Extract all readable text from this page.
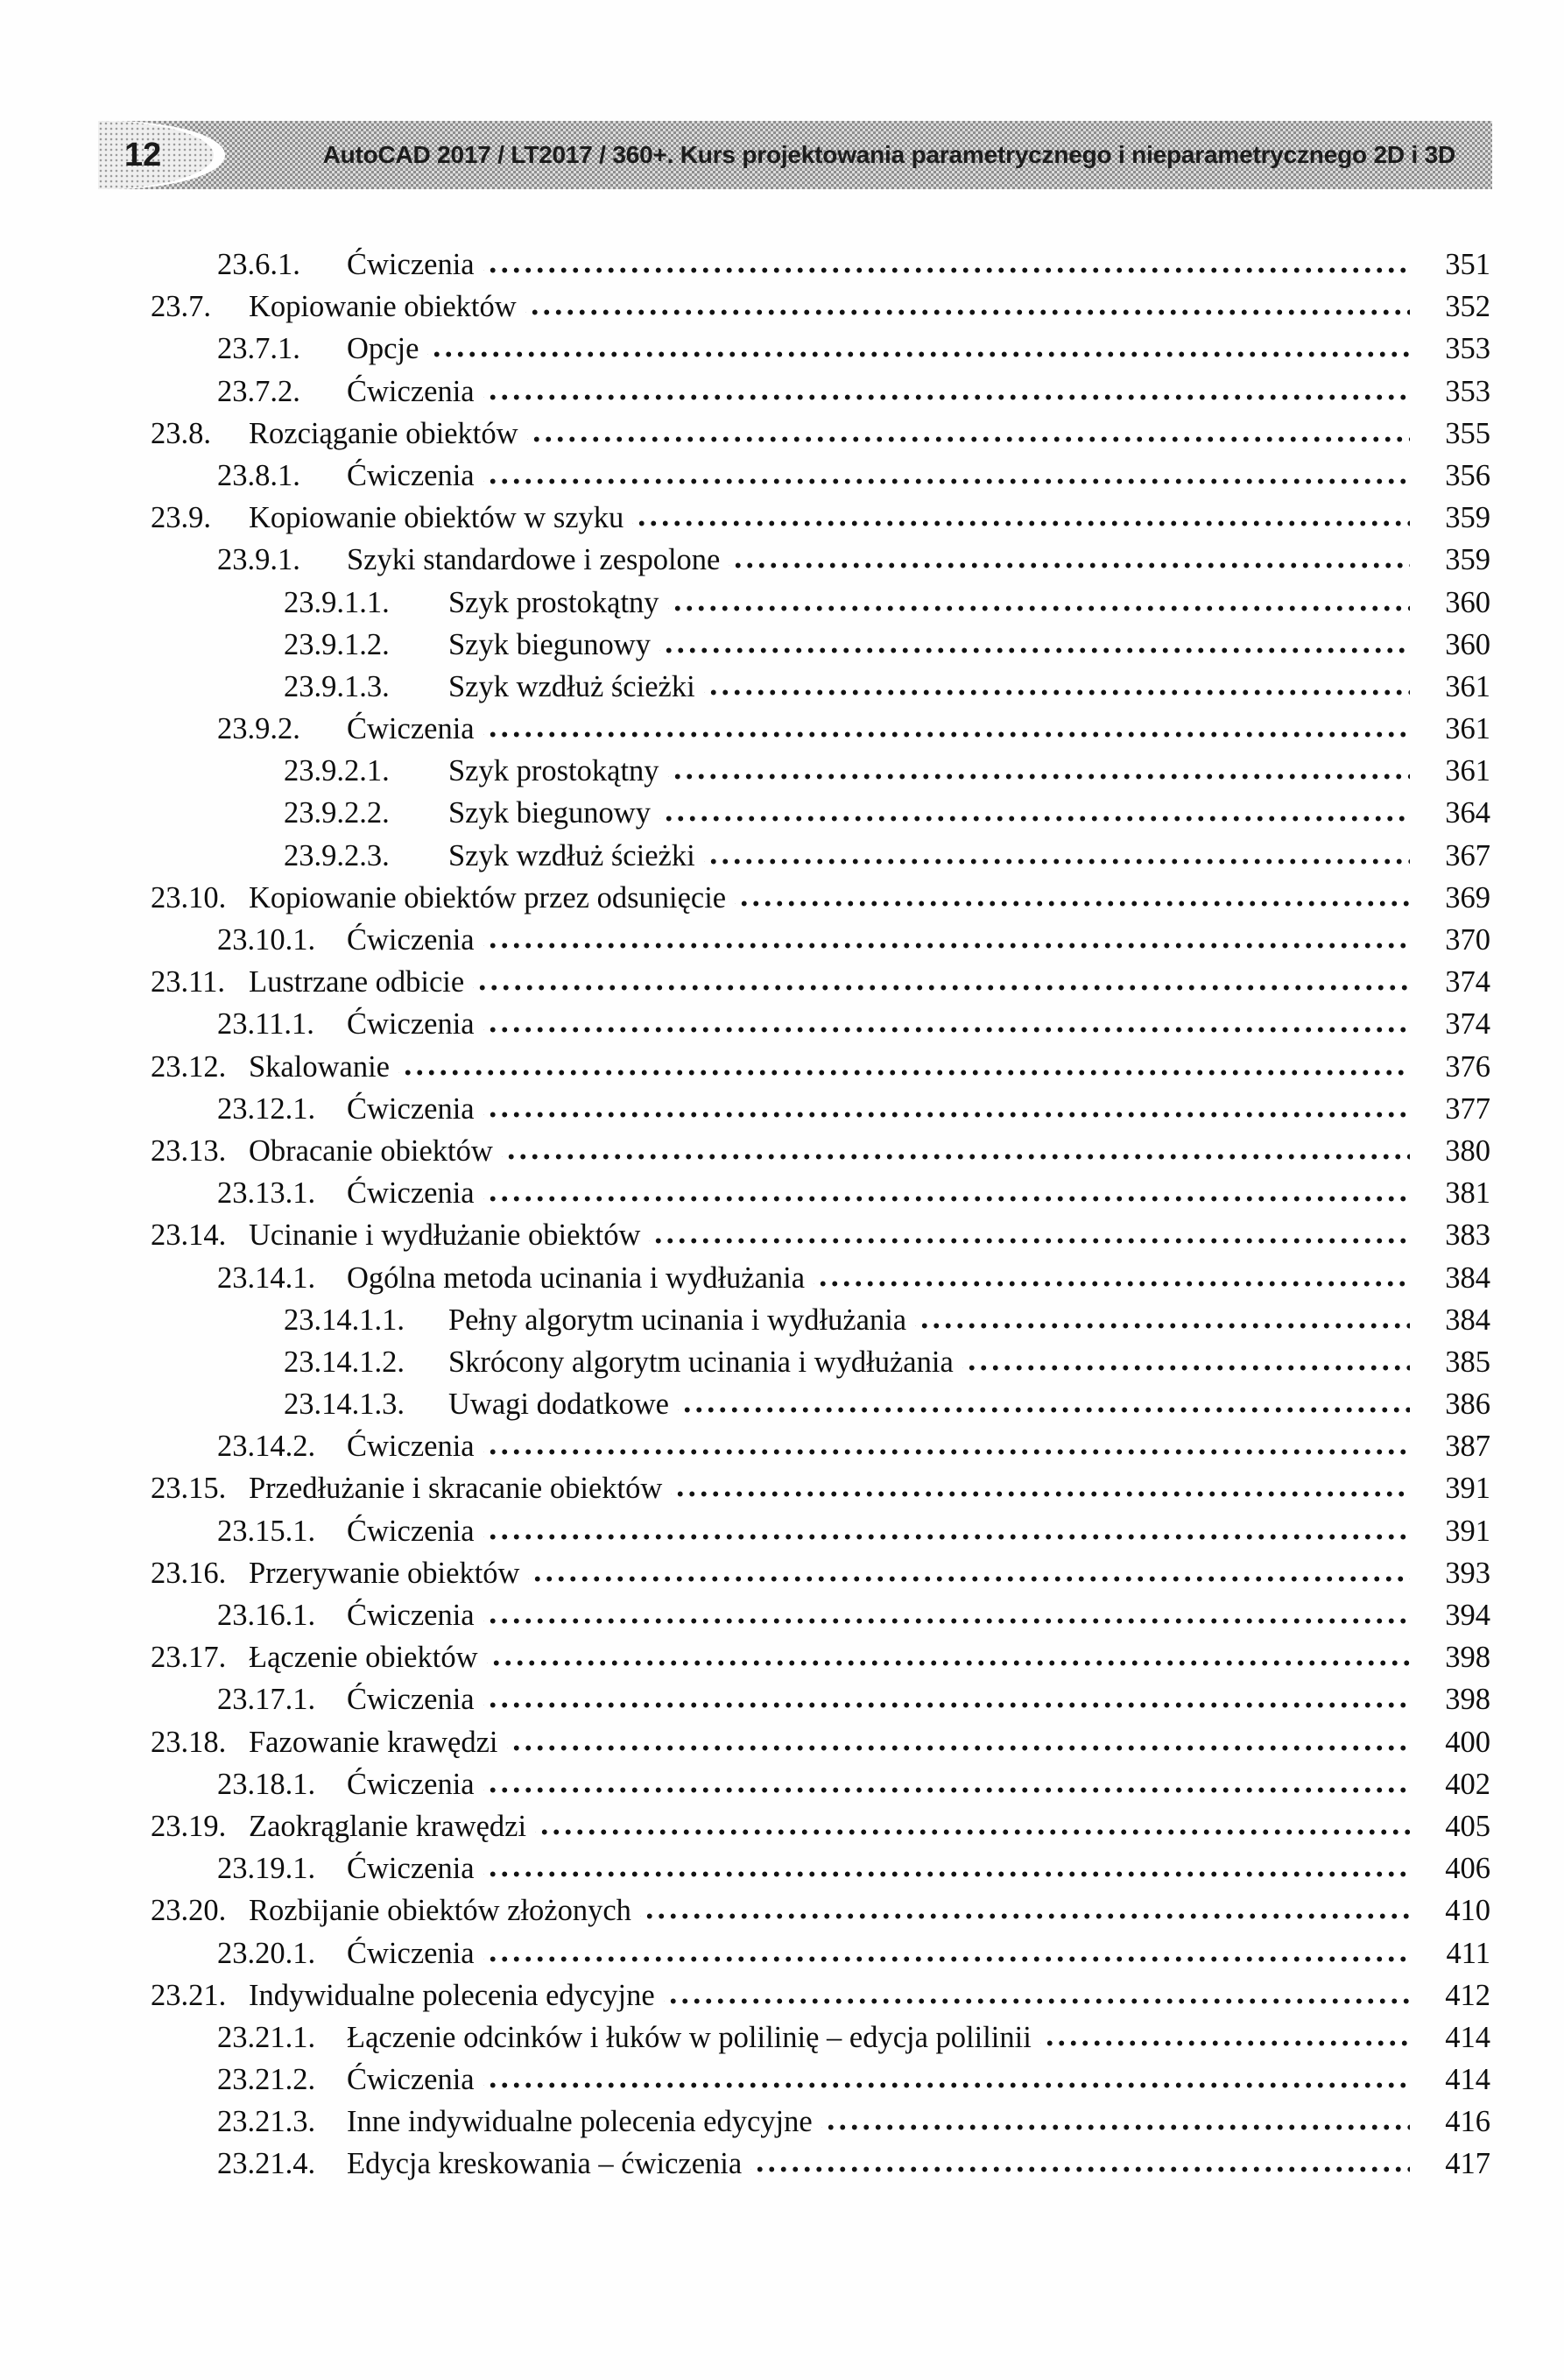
12	AutoCAD 2017 / LT2017 / 360+. Kurs projektowania parametrycznego i nieparametrycznego 2D i 3D
23.6.1.	Ćwiczenia	351
23.7.	Kopiowanie obiektów	352
23.7.1.	Opcje	353
23.7.2.	Ćwiczenia	353
23.8.	Rozciąganie obiektów	355
23.8.1.	Ćwiczenia	356
23.9.	Kopiowanie obiektów w szyku	359
23.9.1.	Szyki standardowe i zespolone	359
23.9.1.1.	Szyk prostokątny	360
23.9.1.2.	Szyk biegunowy	360
23.9.1.3.	Szyk wzdłuż ścieżki	361
23.9.2.	Ćwiczenia	361
23.9.2.1.	Szyk prostokątny	361
23.9.2.2.	Szyk biegunowy	364
23.9.2.3.	Szyk wzdłuż ścieżki	367
23.10. Kopiowanie obiektów przez odsunięcie	369
23.10.1.	Ćwiczenia	370
23.11. Lustrzane odbicie	374
23.11.1.	Ćwiczenia	374
23.12. Skalowanie	376
23.12.1.	Ćwiczenia	377
23.13. Obracanie obiektów	380
23.13.1.	Ćwiczenia	381
23.14. Ucinanie i wydłużanie obiektów	383
23.14.1.	Ogólna metoda ucinania i wydłużania	384
23.14.1.1.	Pełny algorytm ucinania i wydłużania	384
23.14.1.2.	Skrócony algorytm ucinania i wydłużania	385
23.14.1.3.	Uwagi dodatkowe	386
23.14.2.	Ćwiczenia	387
23.15. Przedłużanie i skracanie obiektów	391
23.15.1.	Ćwiczenia	391
23.16. Przerywanie obiektów	393
23.16.1.	Ćwiczenia	394
23.17. Łączenie obiektów	398
23.17.1.	Ćwiczenia	398
23.18. Fazowanie krawędzi	400
23.18.1.	Ćwiczenia	402
23.19. Zaokrąglanie krawędzi	405
23.19.1.	Ćwiczenia	406
23.20. Rozbijanie obiektów złożonych	410
23.20.1.	Ćwiczenia	411
23.21. Indywidualne polecenia edycyjne	412
23.21.1.	Łączenie odcinków i łuków w polilinię – edycja polilinii	414
23.21.2.	Ćwiczenia	414
23.21.3.	Inne indywidualne polecenia edycyjne	416
23.21.4.	Edycja kreskowania – ćwiczenia	417
